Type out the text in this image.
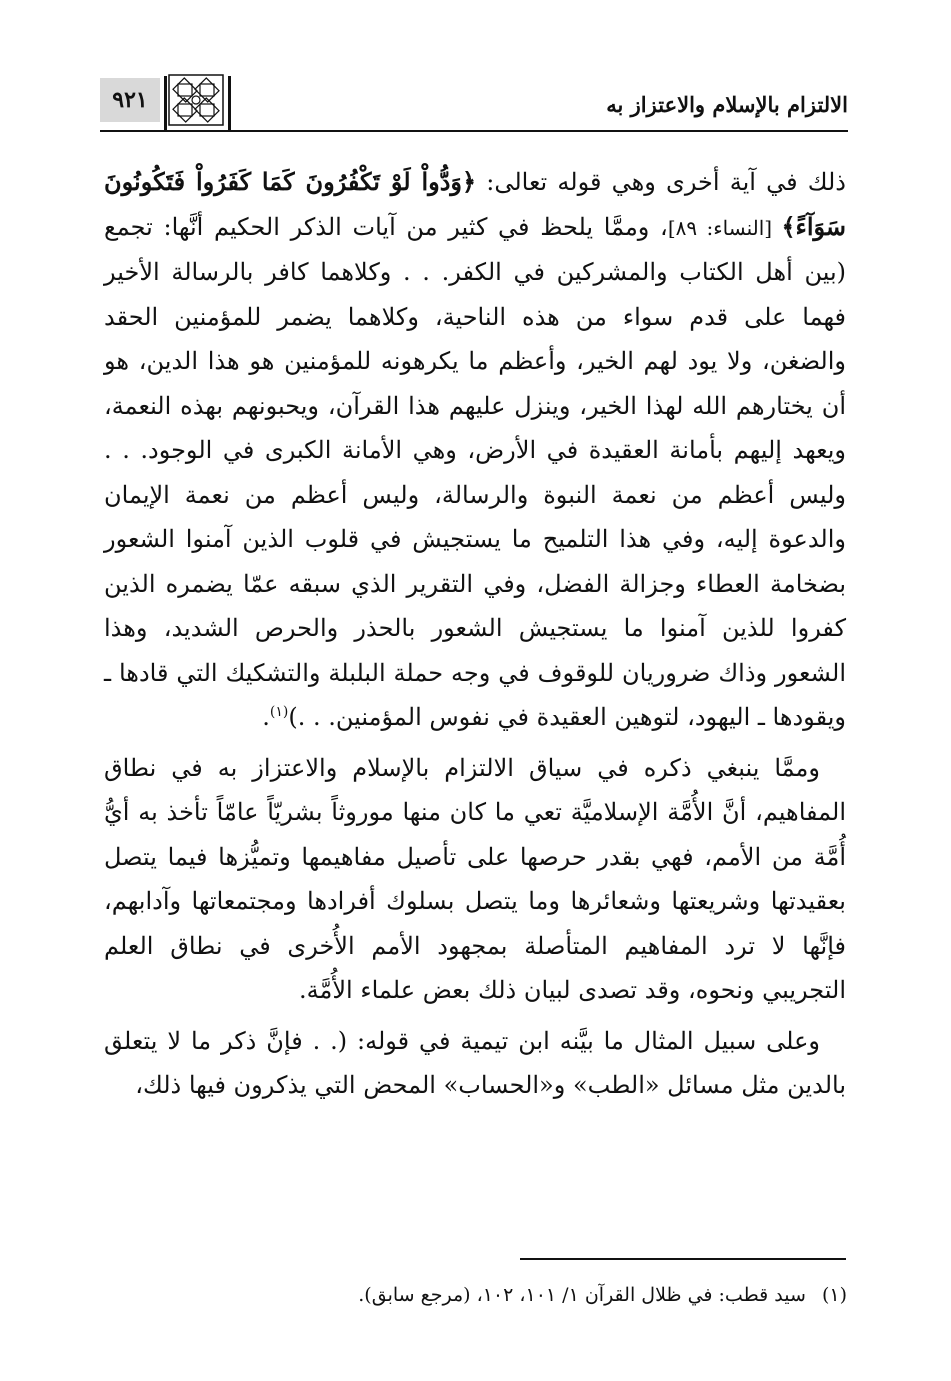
٩٢١	الالتزام بالإسلام والاعتزاز به

ذلك في آية أخرى وهي قوله تعالى: ﴿وَدُّواْ لَوْ تَكْفُرُونَ كَمَا كَفَرُواْ فَتَكُونُونَ سَوَآءً﴾ [النساء: ٨٩]، وممَّا يلحظ في كثير من آيات الذكر الحكيم أنَّها: تجمع (بين أهل الكتاب والمشركين في الكفر. . . وكلاهما كافر بالرسالة الأخير فهما على قدم سواء من هذه الناحية، وكلاهما يضمر للمؤمنين الحقد والضغن، ولا يود لهم الخير، وأعظم ما يكرهونه للمؤمنين هو هذا الدين، هو أن يختارهم الله لهذا الخير، وينزل عليهم هذا القرآن، ويحبونهم بهذه النعمة، ويعهد إليهم بأمانة العقيدة في الأرض، وهي الأمانة الكبرى في الوجود. . . وليس أعظم من نعمة النبوة والرسالة، وليس أعظم من نعمة الإيمان والدعوة إليه، وفي هذا التلميح ما يستجيش في قلوب الذين آمنوا الشعور بضخامة العطاء وجزالة الفضل، وفي التقرير الذي سبقه عمّا يضمره الذين كفروا للذين آمنوا ما يستجيش الشعور بالحذر والحرص الشديد، وهذا الشعور وذاك ضروريان للوقوف في وجه حملة البلبلة والتشكيك التي قادها ـ ويقودها ـ اليهود، لتوهين العقيدة في نفوس المؤمنين. . .)$^{(١)}$.

وممَّا ينبغي ذكره في سياق الالتزام بالإسلام والاعتزاز به في نطاق المفاهيم، أنَّ الأُمَّة الإسلاميَّة تعي ما كان منها موروثاً بشريّاً عامّاً تأخذ به أيُّ أُمَّة من الأمم، فهي بقدر حرصها على تأصيل مفاهيمها وتميُّزها فيما يتصل بعقيدتها وشريعتها وشعائرها وما يتصل بسلوك أفرادها ومجتمعاتها وآدابهم، فإنَّها لا ترد المفاهيم المتأصلة بمجهود الأمم الأُخرى في نطاق العلم التجريبي ونحوه، وقد تصدى لبيان ذلك بعض علماء الأُمَّة.

وعلى سبيل المثال ما بيَّنه ابن تيمية في قوله: (. . فإنَّ ذكر ما لا يتعلق بالدين مثل مسائل «الطب» و«الحساب» المحض التي يذكرون فيها ذلك،

(١)سيد قطب: في ظلال القرآن ١/ ١٠١، ١٠٢، (مرجع سابق).
